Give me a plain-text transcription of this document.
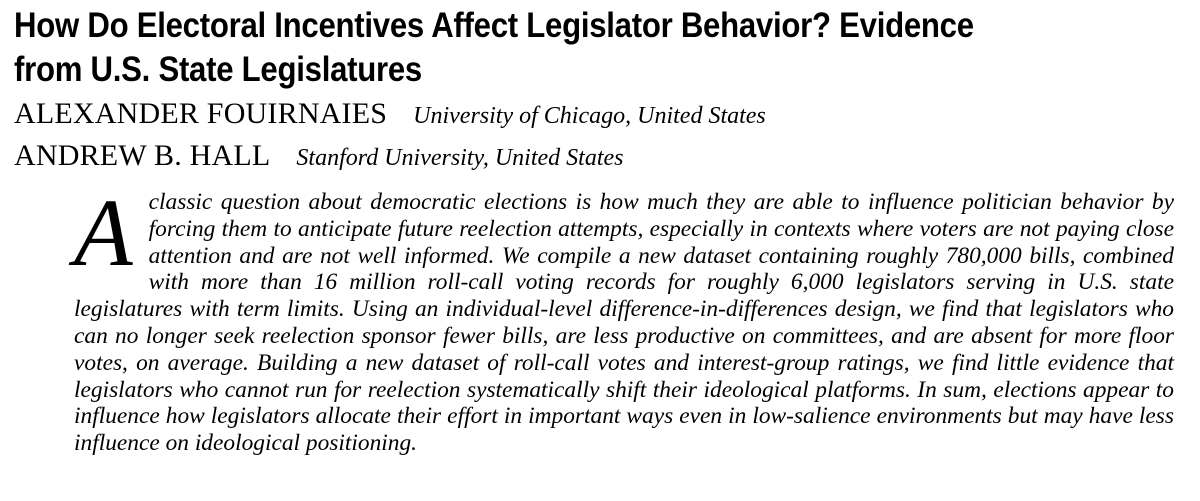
How Do Electoral Incentives Affect Legislator Behavior? Evidence
from U.S. State Legislatures
ALEXANDER FOUIRNAIES University of Chicago, United States
ANDREW B. HALL Stanford University, United States

Aclassic question about democratic elections is how much they are able to influence politician behavior by forcing them to anticipate future reelection attempts, especially in contexts where voters are not paying close attention and are not well informed. We compile a new dataset containing roughly 780,000 bills, combined with more than 16 million roll-call voting records for roughly 6,000 legislators serving in U.S. state legislatures with term limits. Using an individual-level difference-in-differences design, we find that legislators who can no longer seek reelection sponsor fewer bills, are less productive on committees, and are absent for more floor votes, on average. Building a new dataset of roll-call votes and interest-group ratings, we find little evidence that legislators who cannot run for reelection systematically shift their ideological platforms. In sum, elections appear to influence how legislators allocate their effort in important ways even in low-salience environments but may have less influence on ideological positioning.
